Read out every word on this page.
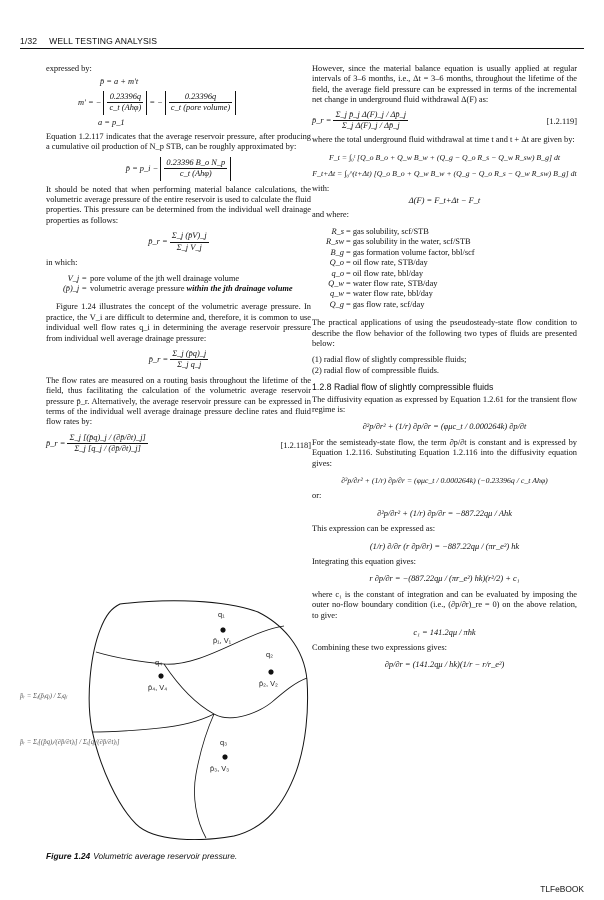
1/32 WELL TESTING ANALYSIS
expressed by:
p̄ = a + m′t
m′ = − $\frac{0.23396q}{\text{c\_t (Ahφ)}}$ = − $\frac{0.23396q}{\text{c\_t (pore volume)}}$
a = p_1
Equation 1.2.117 indicates that the average reservoir pressure, after producing a cumulative oil production of N_p STB, can be roughly approximated by:
p̄ = p_i − $\frac{\text{0.23396 B\_o N\_p}}{\text{c\_t (Ahφ)}}$
It should be noted that when performing material balance calculations, the volumetric average pressure of the entire reservoir is used to calculate the fluid properties. This pressure can be determined from the individual well drainage properties as follows:
p̄_r = $\frac{\Sigma\_j (p̄V)\_j}{\text{Σ\_j V\_j}}$
in which:
V_j = pore volume of the jth well drainage volume
(p̄)_j = volumetric average pressure within the jth drainage volume
Figure 1.24 illustrates the concept of the volumetric average pressure. In practice, the V_i are difficult to determine and, therefore, it is common to use individual well flow rates q_i in determining the average reservoir pressure from individual well average drainage pressure:
p̄_r = $\frac{\Sigma\_j (p̄q)\_j}{\text{Σ\_j q\_j}}$
The flow rates are measured on a routing basis throughout the lifetime of the field, thus facilitating the calculation of the volumetric average reservoir pressure p̄_r. Alternatively, the average reservoir pressure can be expressed in terms of the individual well average drainage pressure decline rates and fluid flow rates by:
p̄_r = $\frac{\Sigma\_j [(p̄q)\_j / (\partial p̄/\partial t)\_j]}{\Sigma\_j [q\_j / (\partial p̄/\partial t)\_j]}$	[1.2.118]
q₁
p̄₁, V₁
q₂
p̄₂, V₂
q₃
p̄₃, V₃
q₄
p̄₄, V₄
p̄ᵣ = Σⱼ(p̄ⱼqⱼ) / Σⱼqⱼ
p̄ᵣ = Σⱼ[(p̄q)ⱼ/(∂p̄/∂t)ⱼ] / Σⱼ[qⱼ/(∂p̄/∂t)ⱼ]
Figure 1.24 Volumetric average reservoir pressure.
However, since the material balance equation is usually applied at regular intervals of 3–6 months, i.e., Δt = 3–6 months, throughout the lifetime of the field, the average field pressure can be expressed in terms of the incremental net change in underground fluid withdrawal Δ(F) as:
p̄_r = $\frac{\text{Σ\_j p̄\_j Δ(F)\_j / Δp̄\_j}}{\text{Σ\_j Δ(F)\_j / Δp̄\_j}}$	[1.2.119]
where the total underground fluid withdrawal at time t and t + Δt are given by:
F_t = ∫₀ᵗ [Q_o B_o + Q_w B_w + (Q_g − Q_o R_s − Q_w R_sw) B_g] dt
F_t+Δt = ∫₀^(t+Δt) [Q_o B_o + Q_w B_w + (Q_g − Q_o R_s − Q_w R_sw) B_g] dt
with:
Δ(F) = F_t+Δt − F_t
and where:
R_s = gas solubility, scf/STB
R_sw = gas solubility in the water, scf/STB
B_g = gas formation volume factor, bbl/scf
Q_o = oil flow rate, STB/day
q_o = oil flow rate, bbl/day
Q_w = water flow rate, STB/day
q_w = water flow rate, bbl/day
Q_g = gas flow rate, scf/day
The practical applications of using the pseudosteady-state flow condition to describe the flow behavior of the following two types of fluids are presented below:
(1) radial flow of slightly compressible fluids;
(2) radial flow of compressible fluids.
1.2.8 Radial flow of slightly compressible fluids
The diffusivity equation as expressed by Equation 1.2.61 for the transient flow regime is:
∂²p/∂r² + (1/r) ∂p/∂r = (φμc_t / 0.000264k) ∂p/∂t
For the semisteady-state flow, the term ∂p/∂t is constant and is expressed by Equation 1.2.116. Substituting Equation 1.2.116 into the diffusivity equation gives:
∂²p/∂r² + (1/r) ∂p/∂r = (φμc_t / 0.000264k) (−0.23396q / c_t Ahφ)
or:
∂²p/∂r² + (1/r) ∂p/∂r = −887.22qμ / Ahk
This expression can be expressed as:
(1/r) ∂/∂r (r ∂p/∂r) = −887.22qμ / (πr_e²) hk
Integrating this equation gives:
r ∂p/∂r = −(887.22qμ / (πr_e²) hk)(r²/2) + c₁
where c₁ is the constant of integration and can be evaluated by imposing the outer no-flow boundary condition (i.e., (∂p/∂r)_re = 0) on the above relation, to give:
c₁ = 141.2qμ / πhk
Combining these two expressions gives:
∂p/∂r = (141.2qμ / hk)(1/r − r/r_e²)
TLFeBOOK
